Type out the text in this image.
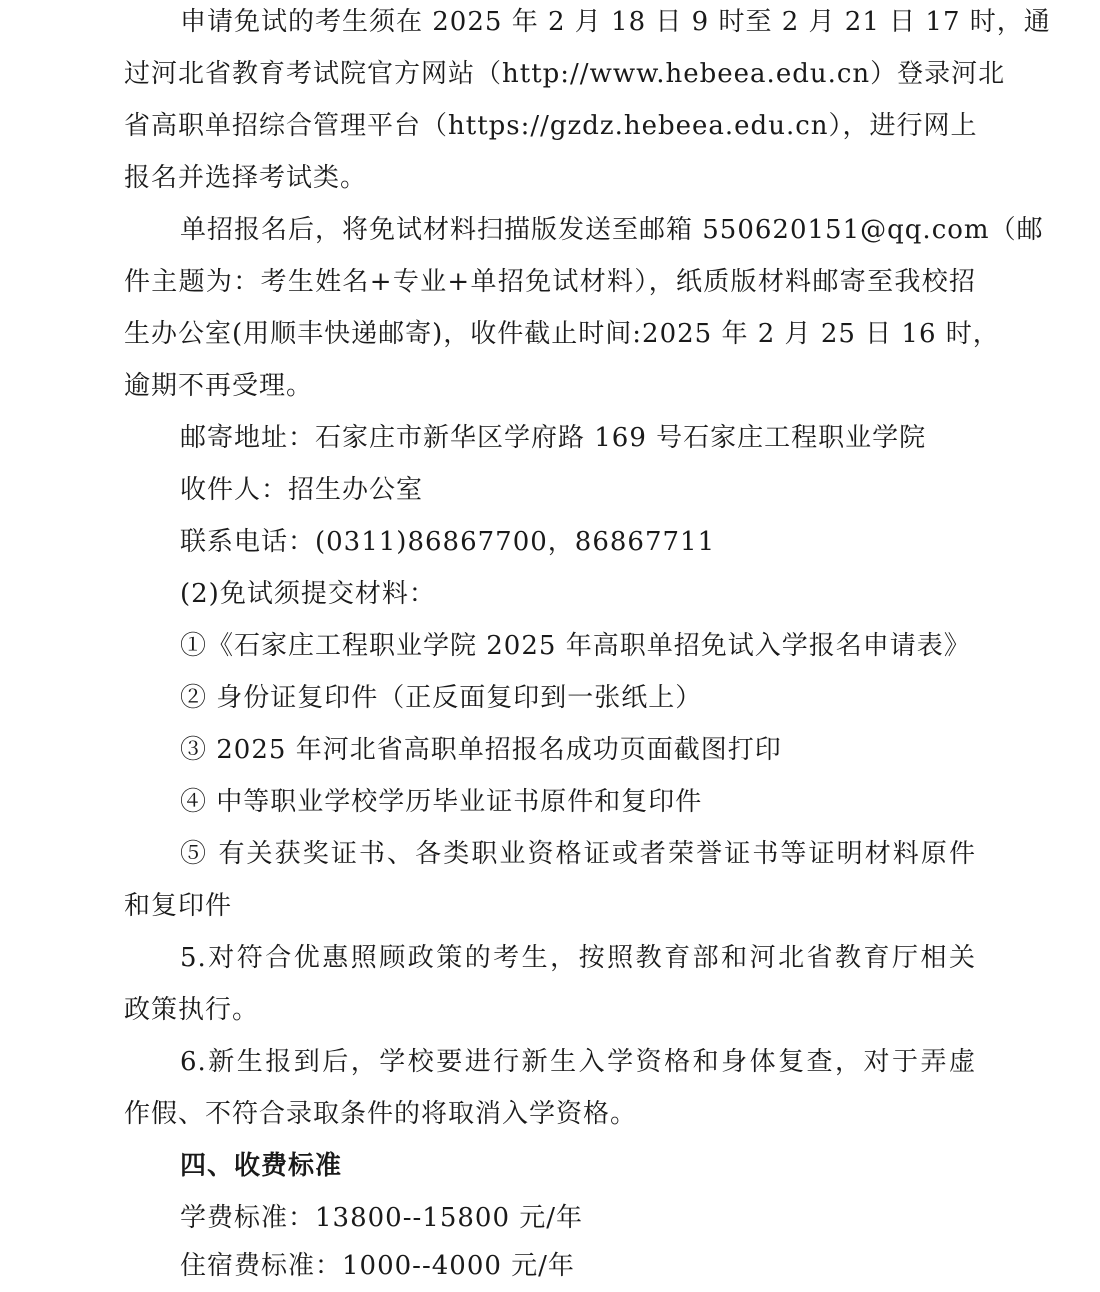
申请免试的考生须在 2025 年 2 月 18 日 9 时至 2 月 21 日 17 时，通
过河北省教育考试院官方网站（http://www.hebeea.edu.cn）登录河北
省高职单招综合管理平台（https://gzdz.hebeea.edu.cn），进行网上
报名并选择考试类。
单招报名后，将免试材料扫描版发送至邮箱 550620151@qq.com（邮
件主题为：考生姓名+专业+单招免试材料），纸质版材料邮寄至我校招
生办公室(用顺丰快递邮寄)，收件截止时间:2025 年 2 月 25 日 16 时，
逾期不再受理。
邮寄地址：石家庄市新华区学府路 169 号石家庄工程职业学院
收件人：招生办公室
联系电话：(0311)86867700，86867711
(2)免试须提交材料：
①《石家庄工程职业学院 2025 年高职单招免试入学报名申请表》
② 身份证复印件（正反面复印到一张纸上）
③ 2025 年河北省高职单招报名成功页面截图打印
④ 中等职业学校学历毕业证书原件和复印件
⑤ 有关获奖证书、各类职业资格证或者荣誉证书等证明材料原件
和复印件
5.对符合优惠照顾政策的考生，按照教育部和河北省教育厅相关
政策执行。
6.新生报到后，学校要进行新生入学资格和身体复查，对于弄虚
作假、不符合录取条件的将取消入学资格。
四、收费标准
学费标准：13800--15800 元/年
住宿费标准：1000--4000 元/年
